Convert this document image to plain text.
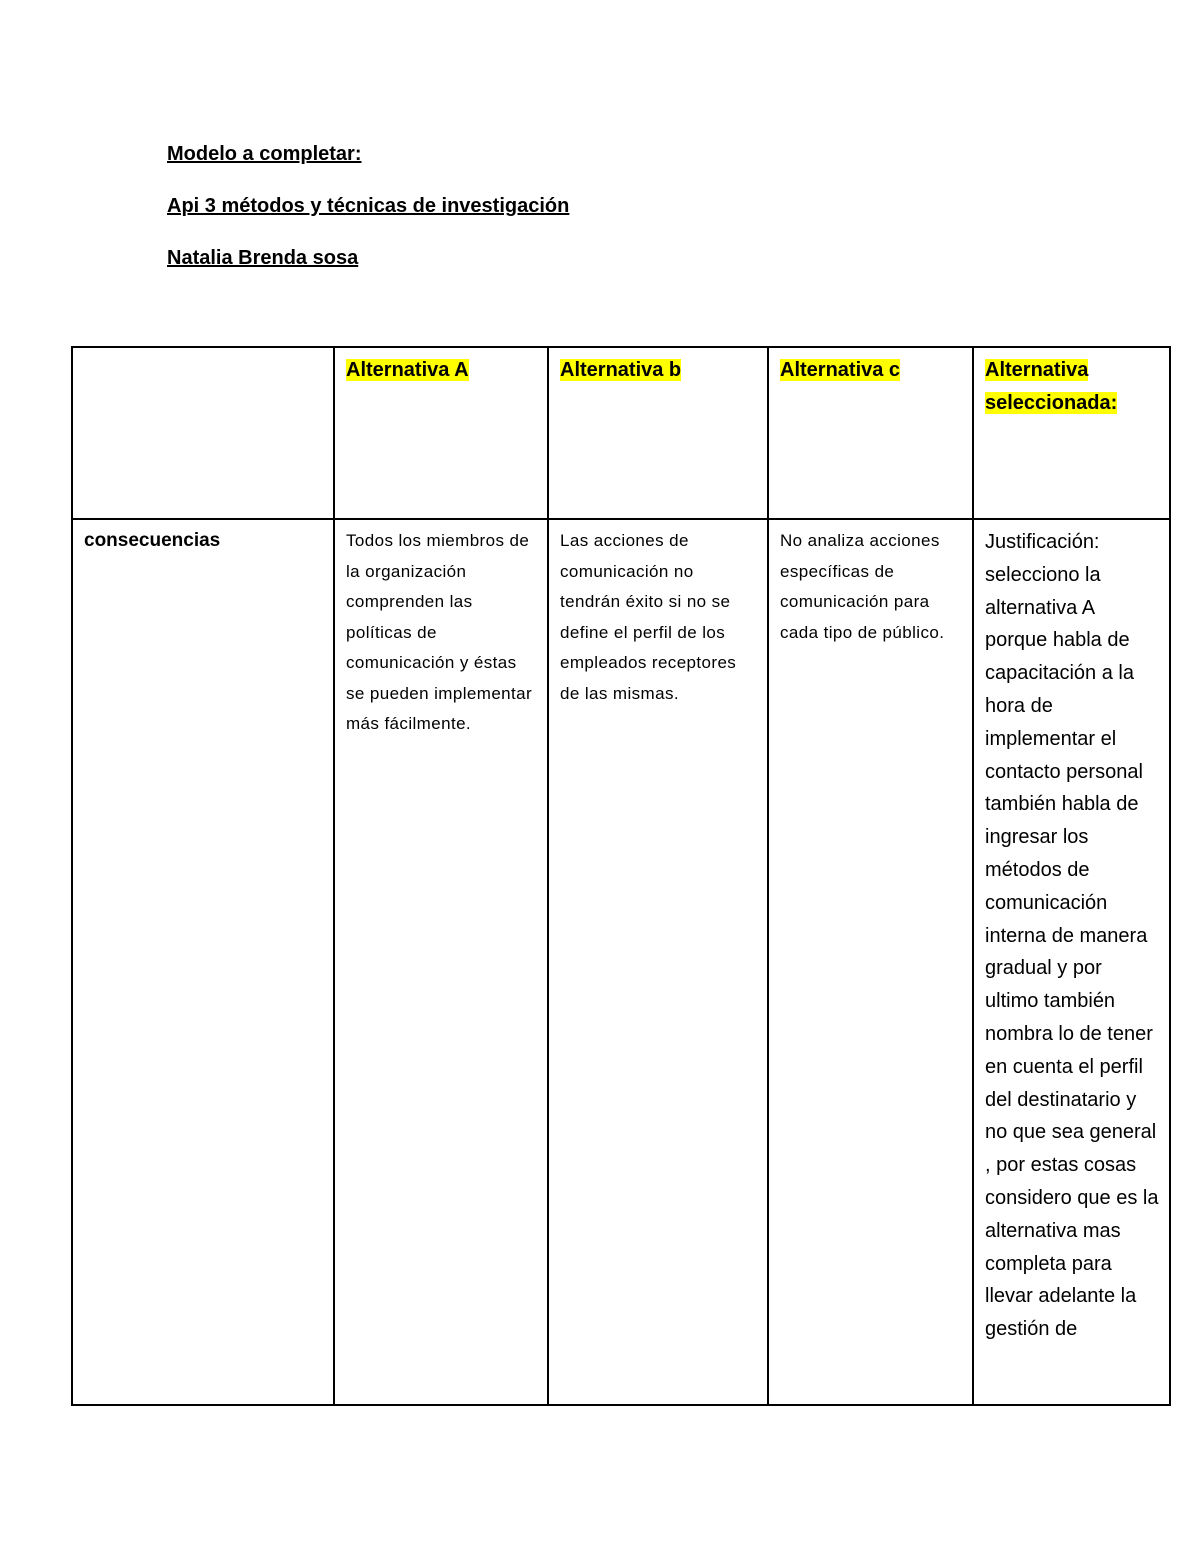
Modelo a completar:
Api 3 métodos y técnicas de investigación
Natalia Brenda sosa
	Alternativa A	Alternativa b	Alternativa c	Alternativa seleccionada:

consecuencias	Todos los miembros de la organización comprenden las políticas de comunicación y éstas se pueden implementar más fácilmente.	Las acciones de comunicación no tendrán éxito si no se define el perfil de los empleados receptores de las mismas.	No analiza acciones específicas de comunicación para cada tipo de público.	Justificación: selecciono la alternativa A porque habla de capacitación a la hora de implementar el contacto personal también habla de ingresar los métodos de comunicación interna de manera gradual y por ultimo también nombra lo de tener en cuenta el perfil del destinatario y no que sea general , por estas cosas considero que es la alternativa mas completa para llevar adelante la gestión de
